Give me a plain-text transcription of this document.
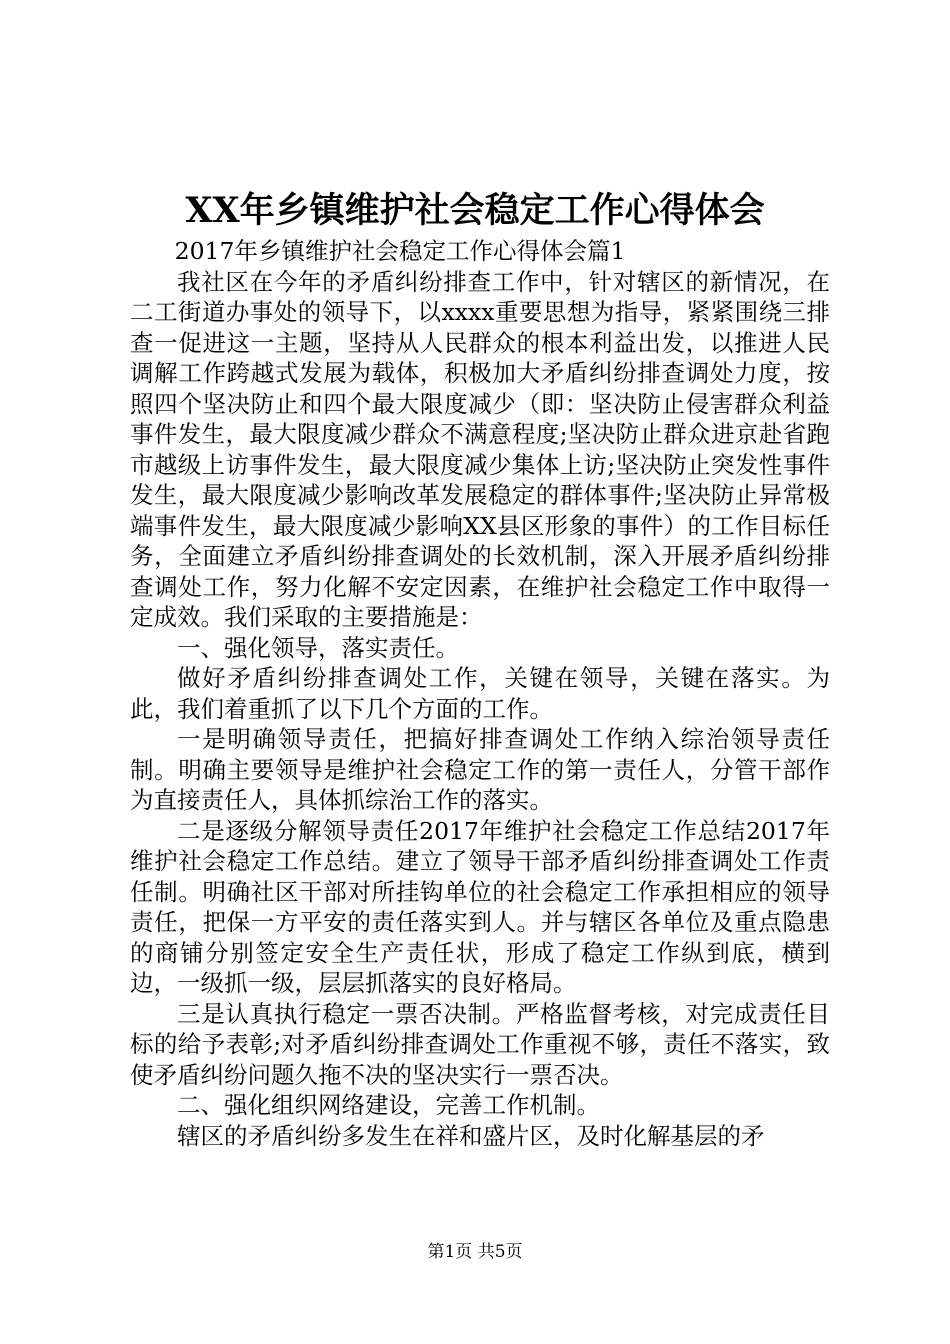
XX年乡镇维护社会稳定工作心得体会

2017年乡镇维护社会稳定工作心得体会篇1

我社区在今年的矛盾纠纷排查工作中，针对辖区的新情况，在二工街道办事处的领导下，以xxxx重要思想为指导，紧紧围绕三排查一促进这一主题，坚持从人民群众的根本利益出发，以推进人民调解工作跨越式发展为载体，积极加大矛盾纠纷排查调处力度，按照四个坚决防止和四个最大限度减少（即：坚决防止侵害群众利益事件发生，最大限度减少群众不满意程度;坚决防止群众进京赴省跑市越级上访事件发生，最大限度减少集体上访;坚决防止突发性事件发生，最大限度减少影响改革发展稳定的群体事件;坚决防止异常极端事件发生，最大限度减少影响XX县区形象的事件）的工作目标任务，全面建立矛盾纠纷排查调处的长效机制，深入开展矛盾纠纷排查调处工作，努力化解不安定因素，在维护社会稳定工作中取得一定成效。我们采取的主要措施是：

一、强化领导，落实责任。

做好矛盾纠纷排查调处工作，关键在领导，关键在落实。为此，我们着重抓了以下几个方面的工作。

一是明确领导责任，把搞好排查调处工作纳入综治领导责任制。明确主要领导是维护社会稳定工作的第一责任人，分管干部作为直接责任人，具体抓综治工作的落实。

二是逐级分解领导责任2017年维护社会稳定工作总结2017年维护社会稳定工作总结。建立了领导干部矛盾纠纷排查调处工作责任制。明确社区干部对所挂钩单位的社会稳定工作承担相应的领导责任，把保一方平安的责任落实到人。并与辖区各单位及重点隐患的商铺分别签定安全生产责任状，形成了稳定工作纵到底，横到边，一级抓一级，层层抓落实的良好格局。

三是认真执行稳定一票否决制。严格监督考核，对完成责任目标的给予表彰;对矛盾纠纷排查调处工作重视不够，责任不落实，致使矛盾纠纷问题久拖不决的坚决实行一票否决。

二、强化组织网络建设，完善工作机制。

辖区的矛盾纠纷多发生在祥和盛片区，及时化解基层的矛

第1页 共5页
